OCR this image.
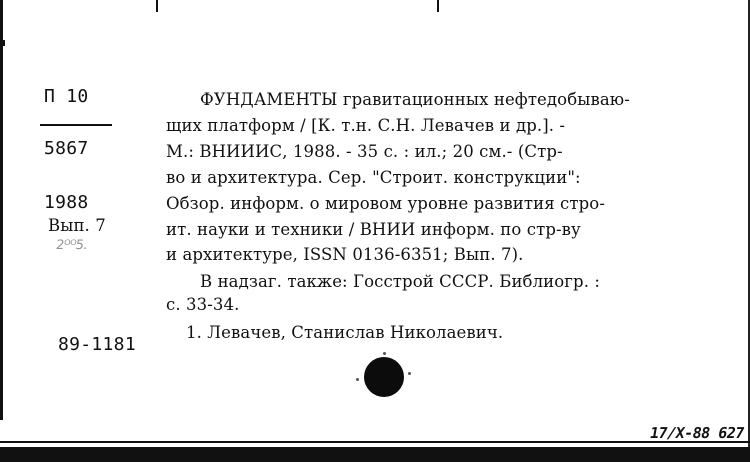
П 10
5867
1988
Вып. 7
2ᴼᴼ5.
89-1181
ФУНДАМЕНТЫ гравитационных нефтедобываю-
щих платформ / [К. т.н. С.Н. Левачев и др.]. -
М.: ВНИИИС, 1988. - 35 с. : ил.; 20 см.- (Стр-
во и архитектура. Сер. "Строит. конструкции":
Обзор. информ. о мировом уровне развития стро-
ит. науки и техники / ВНИИ информ. по стр-ву
и архитектуре, ISSN 0136-6351; Вып. 7).
В надзаг. также: Госстрой СССР. Библиогр. :
с. 33-34.
1. Левачев, Станислав Николаевич.
17/X-88 627
